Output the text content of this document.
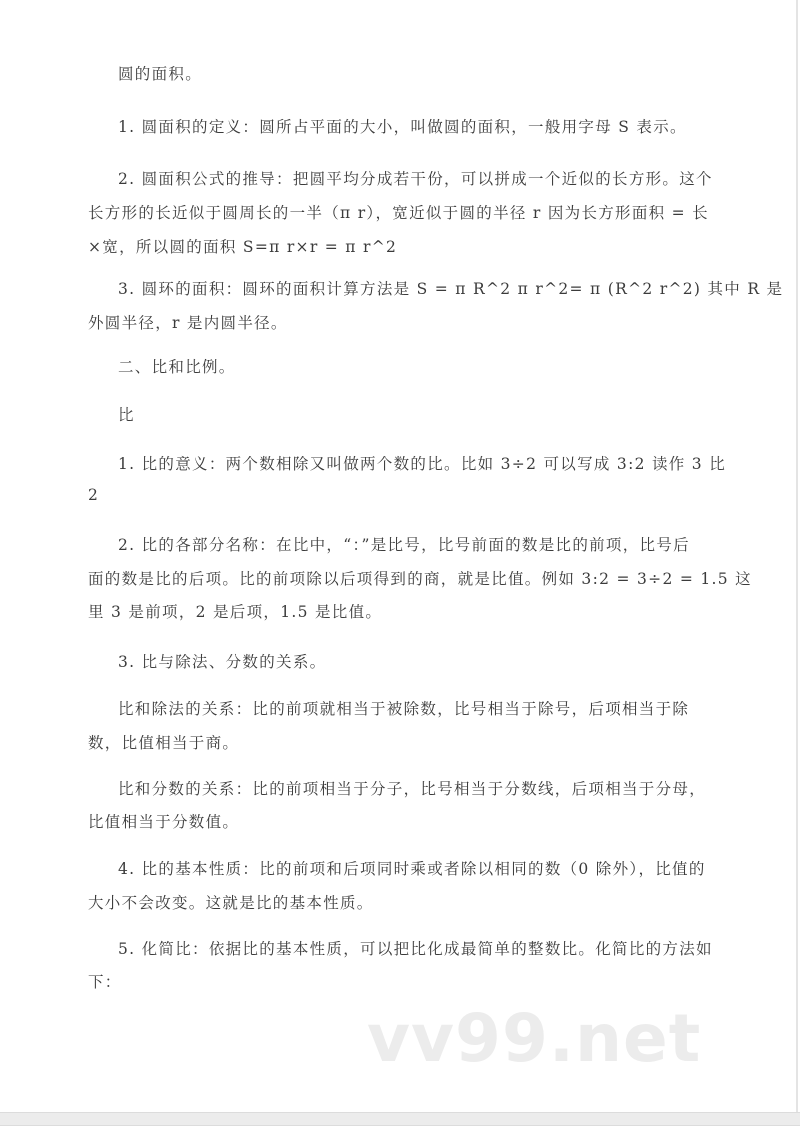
圆的面积。
1. 圆面积的定义：圆所占平面的大小，叫做圆的面积，一般用字母 S 表示。
2. 圆面积公式的推导：把圆平均分成若干份，可以拼成一个近似的长方形。这个
长方形的长近似于圆周长的一半（π r），宽近似于圆的半径 r 因为长方形面积 = 长
×宽，所以圆的面积 S=π r×r = π r^2
3. 圆环的面积：圆环的面积计算方法是 S = π R^2 π r^2= π (R^2 r^2) 其中 R 是
外圆半径，r 是内圆半径。
二、比和比例。
比
1. 比的意义：两个数相除又叫做两个数的比。比如 3÷2 可以写成 3:2 读作 3 比
2
2. 比的各部分名称：在比中，“：”是比号，比号前面的数是比的前项，比号后
面的数是比的后项。比的前项除以后项得到的商，就是比值。例如 3:2 = 3÷2 = 1.5 这
里 3 是前项，2 是后项，1.5 是比值。
3. 比与除法、分数的关系。
比和除法的关系：比的前项就相当于被除数，比号相当于除号，后项相当于除
数，比值相当于商。
比和分数的关系：比的前项相当于分子，比号相当于分数线，后项相当于分母，
比值相当于分数值。
4. 比的基本性质：比的前项和后项同时乘或者除以相同的数（0 除外），比值的
大小不会改变。这就是比的基本性质。
5. 化简比：依据比的基本性质，可以把比化成最简单的整数比。化简比的方法如
下：
vv99.net
